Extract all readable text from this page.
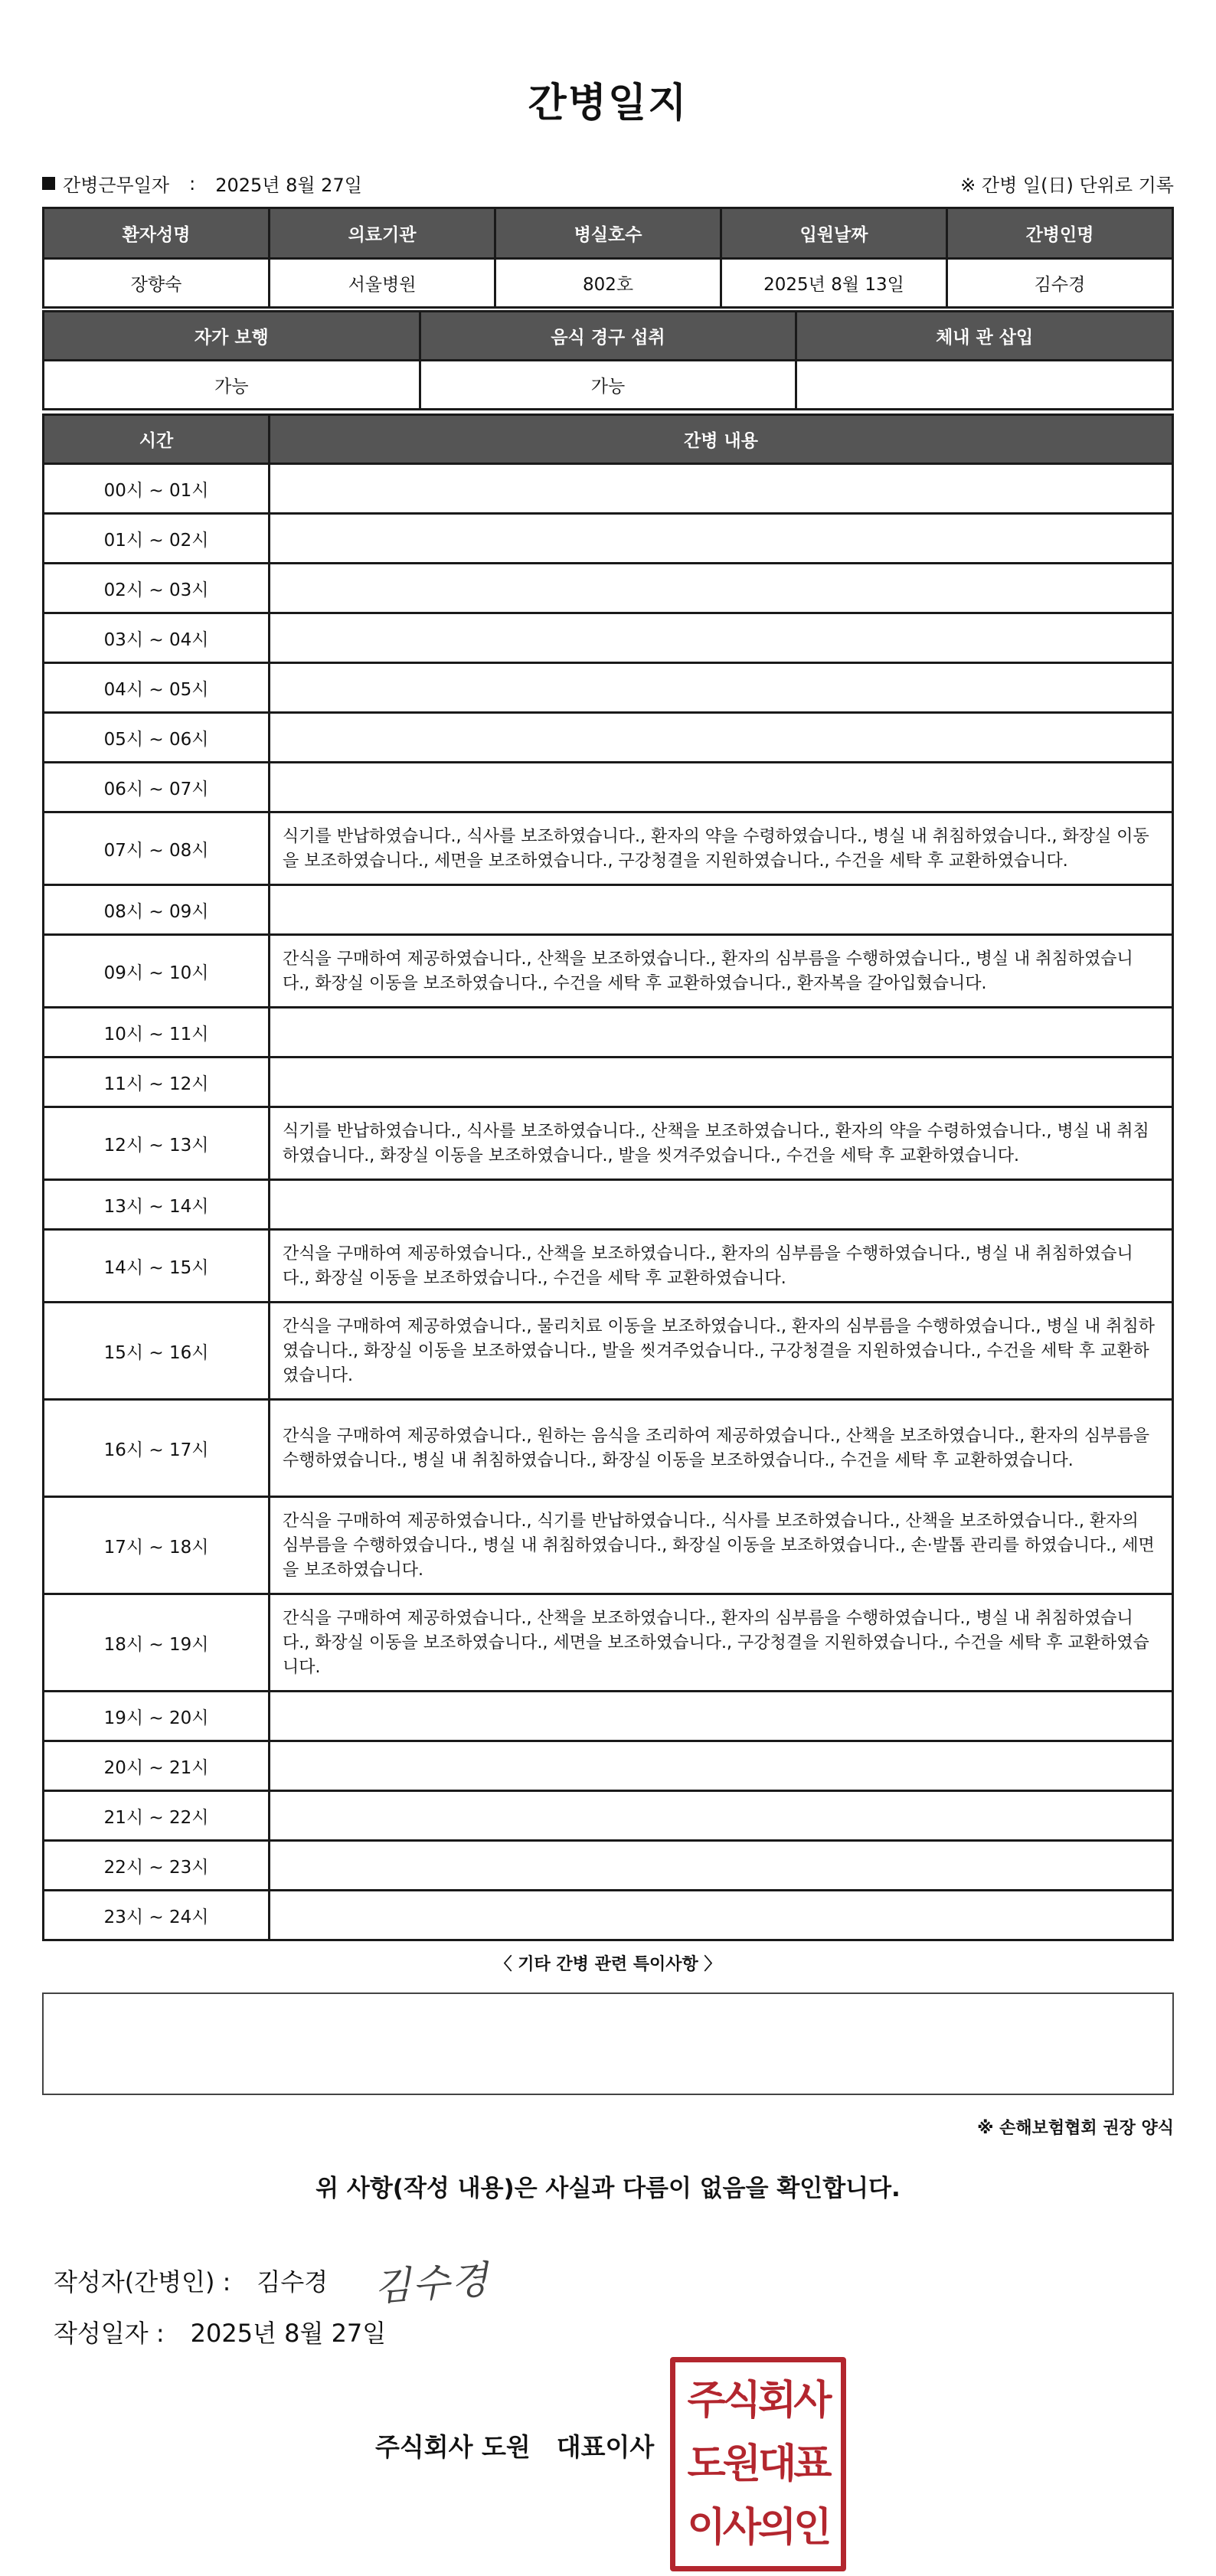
간병일지
간병근무일자 : 2025년 8월 27일	※ 간병 일(日) 단위로 기록
환자성명	의료기관	병실호수	입원날짜	간병인명
장향숙	서울병원	802호	2025년 8월 13일	김수경
자가 보행	음식 경구 섭취	체내 관 삽입
가능	가능	
시간	간병 내용
00시 ~ 01시	
01시 ~ 02시	
02시 ~ 03시	
03시 ~ 04시	
04시 ~ 05시	
05시 ~ 06시	
06시 ~ 07시	
07시 ~ 08시	식기를 반납하였습니다., 식사를 보조하였습니다., 환자의 약을 수령하였습니다., 병실 내 취침하였습니다., 화장실 이동을 보조하였습니다., 세면을 보조하였습니다., 구강청결을 지원하였습니다., 수건을 세탁 후 교환하였습니다.
08시 ~ 09시	
09시 ~ 10시	간식을 구매하여 제공하였습니다., 산책을 보조하였습니다., 환자의 심부름을 수행하였습니다., 병실 내 취침하였습니다., 화장실 이동을 보조하였습니다., 수건을 세탁 후 교환하였습니다., 환자복을 갈아입혔습니다.
10시 ~ 11시	
11시 ~ 12시	
12시 ~ 13시	식기를 반납하였습니다., 식사를 보조하였습니다., 산책을 보조하였습니다., 환자의 약을 수령하였습니다., 병실 내 취침하였습니다., 화장실 이동을 보조하였습니다., 발을 씻겨주었습니다., 수건을 세탁 후 교환하였습니다.
13시 ~ 14시	
14시 ~ 15시	간식을 구매하여 제공하였습니다., 산책을 보조하였습니다., 환자의 심부름을 수행하였습니다., 병실 내 취침하였습니다., 화장실 이동을 보조하였습니다., 수건을 세탁 후 교환하였습니다.
15시 ~ 16시	간식을 구매하여 제공하였습니다., 물리치료 이동을 보조하였습니다., 환자의 심부름을 수행하였습니다., 병실 내 취침하였습니다., 화장실 이동을 보조하였습니다., 발을 씻겨주었습니다., 구강청결을 지원하였습니다., 수건을 세탁 후 교환하였습니다.
16시 ~ 17시	간식을 구매하여 제공하였습니다., 원하는 음식을 조리하여 제공하였습니다., 산책을 보조하였습니다., 환자의 심부름을 수행하였습니다., 병실 내 취침하였습니다., 화장실 이동을 보조하였습니다., 수건을 세탁 후 교환하였습니다.
17시 ~ 18시	간식을 구매하여 제공하였습니다., 식기를 반납하였습니다., 식사를 보조하였습니다., 산책을 보조하였습니다., 환자의 심부름을 수행하였습니다., 병실 내 취침하였습니다., 화장실 이동을 보조하였습니다., 손·발톱 관리를 하였습니다., 세면을 보조하였습니다.
18시 ~ 19시	간식을 구매하여 제공하였습니다., 산책을 보조하였습니다., 환자의 심부름을 수행하였습니다., 병실 내 취침하였습니다., 화장실 이동을 보조하였습니다., 세면을 보조하였습니다., 구강청결을 지원하였습니다., 수건을 세탁 후 교환하였습니다.
19시 ~ 20시	
20시 ~ 21시	
21시 ~ 22시	
22시 ~ 23시	
23시 ~ 24시	
〈 기타 간병 관련 특이사항 〉
※ 손해보험협회 권장 양식
위 사항(작성 내용)은 사실과 다름이 없음을 확인합니다.
작성자(간병인) : 김수경 김수경
작성일자 : 2025년 8월 27일
주식회사 도원 대표이사
주식회사
도원대표
이사의인
